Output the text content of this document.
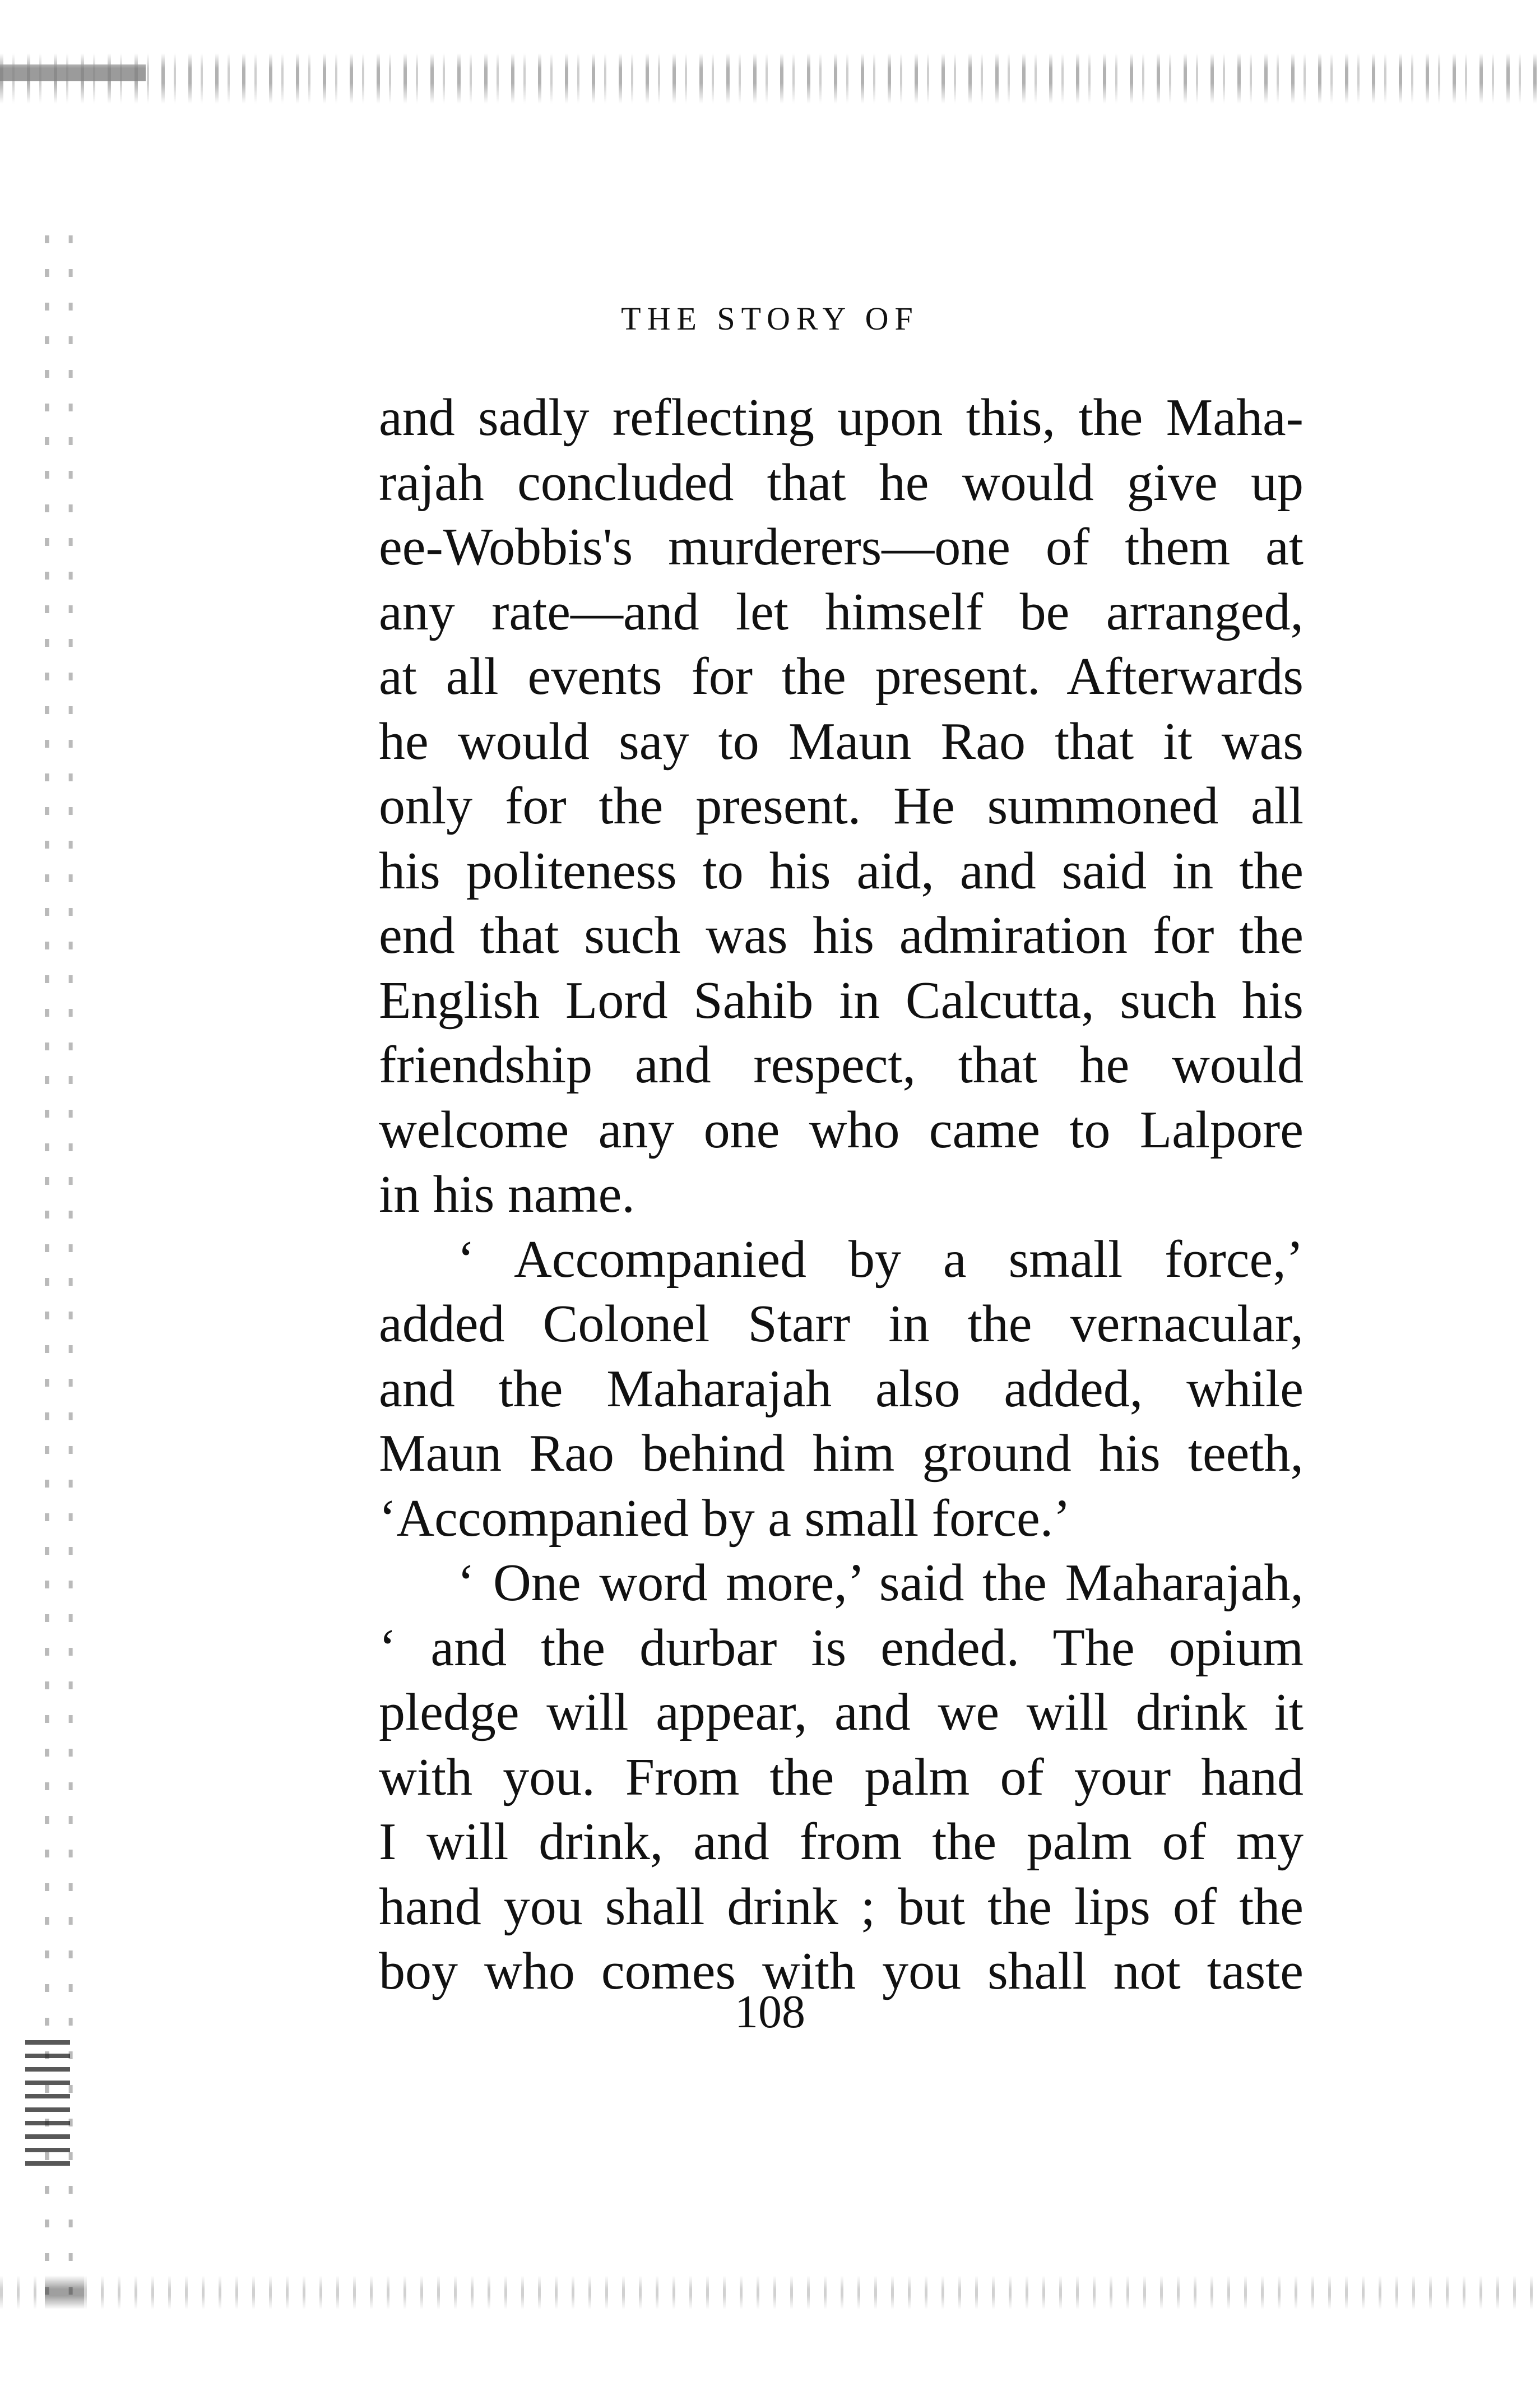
THE STORY OF
and sadly reflecting upon this, the Maha-
rajah concluded that he would give up
ee-Wobbis's murderers—one of them at
any rate—and let himself be arranged,
at all events for the present. Afterwards
he would say to Maun Rao that it was
only for the present. He summoned all
his politeness to his aid, and said in the
end that such was his admiration for the
English Lord Sahib in Calcutta, such his
friendship and respect, that he would
welcome any one who came to Lalpore
in his name.
‘ Accompanied by a small force,’
added Colonel Starr in the vernacular,
and the Maharajah also added, while
Maun Rao behind him ground his teeth,
‘Accompanied by a small force.’
‘ One word more,’ said the Maharajah,
‘ and the durbar is ended. The opium
pledge will appear, and we will drink it
with you. From the palm of your hand
I will drink, and from the palm of my
hand you shall drink ; but the lips of the
boy who comes with you shall not taste
108
